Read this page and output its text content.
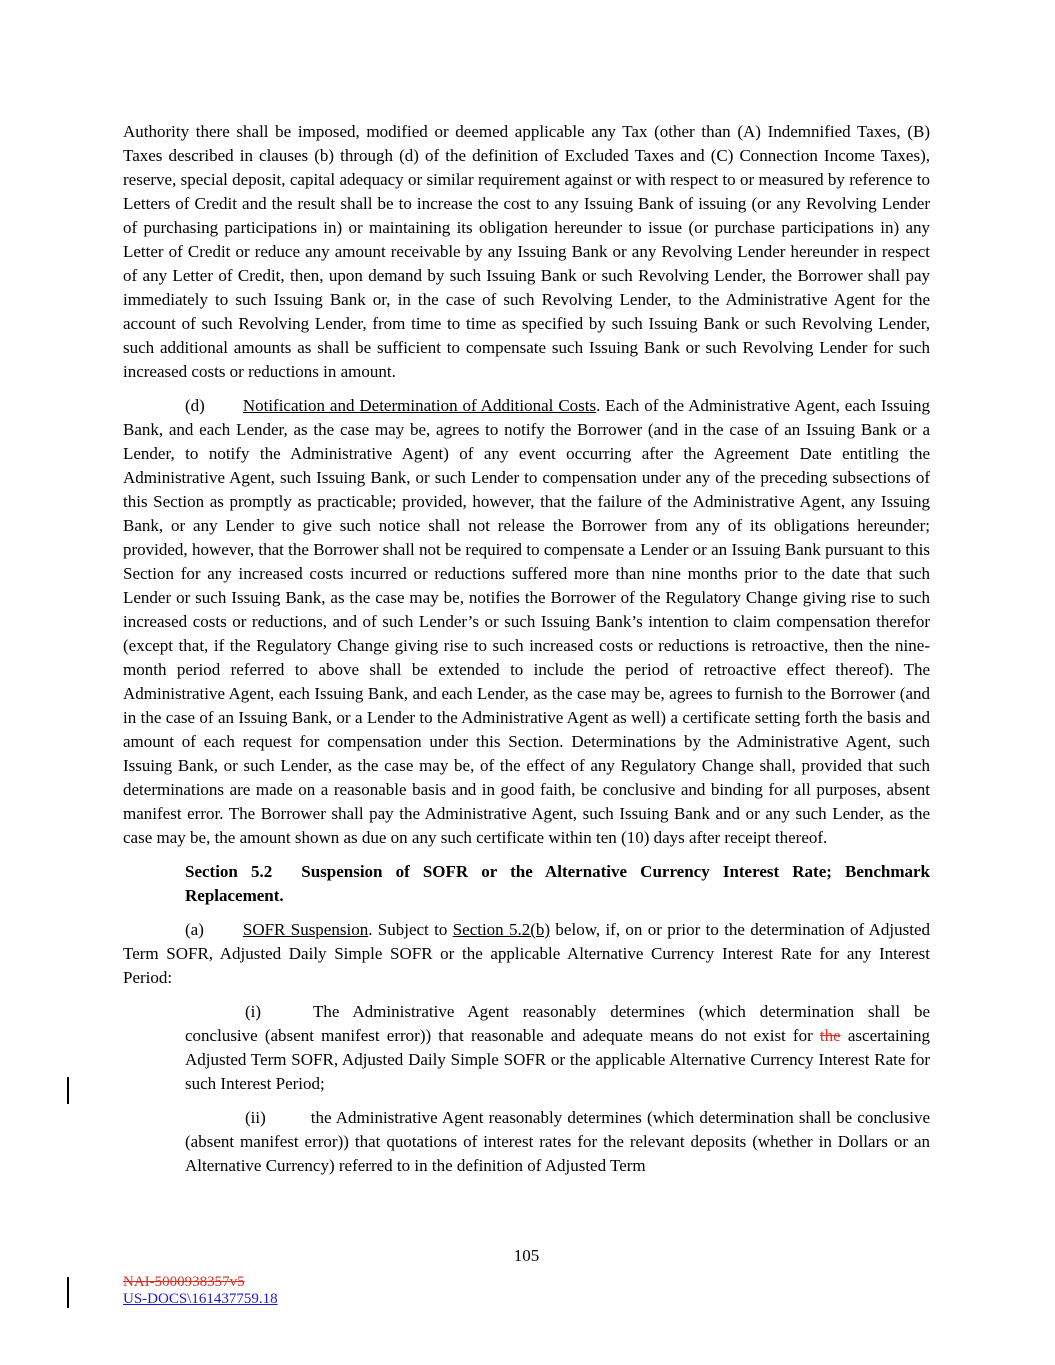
Authority there shall be imposed, modified or deemed applicable any Tax (other than (A) Indemnified Taxes, (B) Taxes described in clauses (b) through (d) of the definition of Excluded Taxes and (C) Connection Income Taxes), reserve, special deposit, capital adequacy or similar requirement against or with respect to or measured by reference to Letters of Credit and the result shall be to increase the cost to any Issuing Bank of issuing (or any Revolving Lender of purchasing participations in) or maintaining its obligation hereunder to issue (or purchase participations in) any Letter of Credit or reduce any amount receivable by any Issuing Bank or any Revolving Lender hereunder in respect of any Letter of Credit, then, upon demand by such Issuing Bank or such Revolving Lender, the Borrower shall pay immediately to such Issuing Bank or, in the case of such Revolving Lender, to the Administrative Agent for the account of such Revolving Lender, from time to time as specified by such Issuing Bank or such Revolving Lender, such additional amounts as shall be sufficient to compensate such Issuing Bank or such Revolving Lender for such increased costs or reductions in amount.

(d) Notification and Determination of Additional Costs. Each of the Administrative Agent, each Issuing Bank, and each Lender, as the case may be, agrees to notify the Borrower (and in the case of an Issuing Bank or a Lender, to notify the Administrative Agent) of any event occurring after the Agreement Date entitling the Administrative Agent, such Issuing Bank, or such Lender to compensation under any of the preceding subsections of this Section as promptly as practicable; provided, however, that the failure of the Administrative Agent, any Issuing Bank, or any Lender to give such notice shall not release the Borrower from any of its obligations hereunder; provided, however, that the Borrower shall not be required to compensate a Lender or an Issuing Bank pursuant to this Section for any increased costs incurred or reductions suffered more than nine months prior to the date that such Lender or such Issuing Bank, as the case may be, notifies the Borrower of the Regulatory Change giving rise to such increased costs or reductions, and of such Lender’s or such Issuing Bank’s intention to claim compensation therefor (except that, if the Regulatory Change giving rise to such increased costs or reductions is retroactive, then the nine-month period referred to above shall be extended to include the period of retroactive effect thereof). The Administrative Agent, each Issuing Bank, and each Lender, as the case may be, agrees to furnish to the Borrower (and in the case of an Issuing Bank, or a Lender to the Administrative Agent as well) a certificate setting forth the basis and amount of each request for compensation under this Section. Determinations by the Administrative Agent, such Issuing Bank, or such Lender, as the case may be, of the effect of any Regulatory Change shall, provided that such determinations are made on a reasonable basis and in good faith, be conclusive and binding for all purposes, absent manifest error. The Borrower shall pay the Administrative Agent, such Issuing Bank and or any such Lender, as the case may be, the amount shown as due on any such certificate within ten (10) days after receipt thereof.

Section 5.2 Suspension of SOFR or the Alternative Currency Interest Rate; Benchmark Replacement.

(a) SOFR Suspension. Subject to Section 5.2(b) below, if, on or prior to the determination of Adjusted Term SOFR, Adjusted Daily Simple SOFR or the applicable Alternative Currency Interest Rate for any Interest Period:

(i)	The Administrative Agent reasonably determines (which determination shall be conclusive (absent manifest error)) that reasonable and adequate means do not exist for the ascertaining Adjusted Term SOFR, Adjusted Daily Simple SOFR or the applicable Alternative Currency Interest Rate for such Interest Period;

(ii)	the Administrative Agent reasonably determines (which determination shall be conclusive (absent manifest error)) that quotations of interest rates for the relevant deposits (whether in Dollars or an Alternative Currency) referred to in the definition of Adjusted Term

105
NAI-5000938357v5
US-DOCS\161437759.18
